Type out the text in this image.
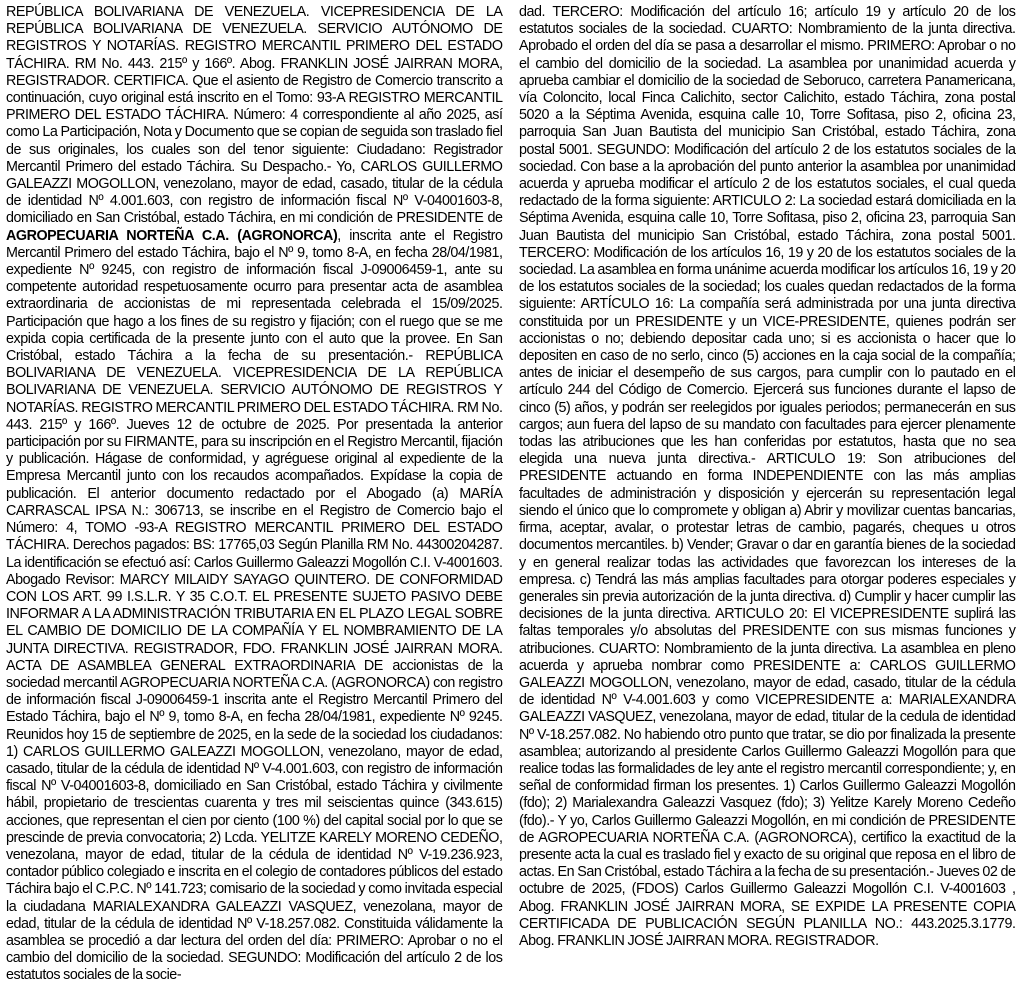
REPÚBLICA BOLIVARIANA DE VENEZUELA. VICEPRESIDENCIA DE LA REPÚBLICA BOLIVARIANA DE VENEZUELA. SERVICIO AUTÓNOMO DE REGISTROS Y NOTARÍAS. REGISTRO MERCANTIL PRIMERO DEL ESTADO TÁCHIRA. RM No. 443. 215º y 166º. Abog. FRANKLIN JOSÉ JAIRRAN MORA, REGISTRADOR. CERTIFICA. Que el asiento de Registro de Comercio transcrito a continuación, cuyo original está inscrito en el Tomo: 93-A REGISTRO MERCANTIL PRIMERO DEL ESTADO TÁCHIRA. Número: 4 correspondiente al año 2025, así como La Participación, Nota y Documento que se copian de seguida son traslado fiel de sus originales, los cuales son del tenor siguiente: Ciudadano: Registrador Mercantil Primero del estado Táchira. Su Despacho.- Yo, CARLOS GUILLERMO GALEAZZI MOGOLLON, venezolano, mayor de edad, casado, titular de la cédula de identidad Nº 4.001.603, con registro de información fiscal Nº V-04001603-8, domiciliado en San Cristóbal, estado Táchira, en mi condición de PRESIDENTE de AGROPECUARIA NORTEÑA C.A. (AGRONORCA), inscrita ante el Registro Mercantil Primero del estado Táchira, bajo el Nº 9, tomo 8-A, en fecha 28/04/1981, expediente Nº 9245, con registro de información fiscal J-09006459-1, ante su competente autoridad respetuosamente ocurro para presentar acta de asamblea extraordinaria de accionistas de mi representada celebrada el 15/09/2025. Participación que hago a los fines de su registro y fijación; con el ruego que se me expida copia certificada de la presente junto con el auto que la provee. En San Cristóbal, estado Táchira a la fecha de su presentación.- REPÚBLICA BOLIVARIANA DE VENEZUELA. VICEPRESIDENCIA DE LA REPÚBLICA BOLIVARIANA DE VENEZUELA. SERVICIO AUTÓNOMO DE REGISTROS Y NOTARÍAS. REGISTRO MERCANTIL PRIMERO DEL ESTADO TÁCHIRA. RM No. 443. 215º y 166º. Jueves 12 de octubre de 2025. Por presentada la anterior participación por su FIRMANTE, para su inscripción en el Registro Mercantil, fijación y publicación. Hágase de conformidad, y agréguese original al expediente de la Empresa Mercantil junto con los recaudos acompañados. Expídase la copia de publicación. El anterior documento redactado por el Abogado (a) MARÍA CARRASCAL IPSA N.: 306713, se inscribe en el Registro de Comercio bajo el Número: 4, TOMO -93-A REGISTRO MERCANTIL PRIMERO DEL ESTADO TÁCHIRA. Derechos pagados: BS: 17765,03 Según Planilla RM No. 44300204287. La identificación se efectuó así: Carlos Guillermo Galeazzi Mogollón C.I. V-4001603. Abogado Revisor: MARCY MILAIDY SAYAGO QUINTERO. DE CONFORMIDAD CON LOS ART. 99 I.S.L.R. Y 35 C.O.T. EL PRESENTE SUJETO PASIVO DEBE INFORMAR A LA ADMINISTRACIÓN TRIBUTARIA EN EL PLAZO LEGAL SOBRE EL CAMBIO DE DOMICILIO DE LA COMPAÑÍA Y EL NOMBRAMIENTO DE LA JUNTA DIRECTIVA. REGISTRADOR, FDO. FRANKLIN JOSÉ JAIRRAN MORA. ACTA DE ASAMBLEA GENERAL EXTRAORDINARIA DE accionistas de la sociedad mercantil AGROPECUARIA NORTEÑA C.A. (AGRONORCA) con registro de información fiscal J-09006459-1 inscrita ante el Registro Mercantil Primero del Estado Táchira, bajo el Nº 9, tomo 8-A, en fecha 28/04/1981, expediente Nº 9245. Reunidos hoy 15 de septiembre de 2025, en la sede de la sociedad los ciudadanos: 1) CARLOS GUILLERMO GALEAZZI MOGOLLON, venezolano, mayor de edad, casado, titular de la cédula de identidad Nº V-4.001.603, con registro de información fiscal Nº V-04001603-8, domiciliado en San Cristóbal, estado Táchira y civilmente hábil, propietario de trescientas cuarenta y tres mil seiscientas quince (343.615) acciones, que representan el cien por ciento (100 %) del capital social por lo que se prescinde de previa convocatoria; 2) Lcda. YELITZE KARELY MORENO CEDEÑO, venezolana, mayor de edad, titular de la cédula de identidad Nº V-19.236.923, contador público colegiado e inscrita en el colegio de contadores públicos del estado Táchira bajo el C.P.C. Nº 141.723; comisario de la sociedad y como invitada especial la ciudadana MARIALEXANDRA GALEAZZI VASQUEZ, venezolana, mayor de edad, titular de la cédula de identidad Nº V-18.257.082. Constituida válidamente la asamblea se procedió a dar lectura del orden del día: PRIMERO: Aprobar o no el cambio del domicilio de la sociedad. SEGUNDO: Modificación del artículo 2 de los estatutos sociales de la socie-

dad. TERCERO: Modificación del artículo 16; artículo 19 y artículo 20 de los estatutos sociales de la sociedad. CUARTO: Nombramiento de la junta directiva. Aprobado el orden del día se pasa a desarrollar el mismo. PRIMERO: Aprobar o no el cambio del domicilio de la sociedad. La asamblea por unanimidad acuerda y aprueba cambiar el domicilio de la sociedad de Seboruco, carretera Panamericana, vía Coloncito, local Finca Calichito, sector Calichito, estado Táchira, zona postal 5020 a la Séptima Avenida, esquina calle 10, Torre Sofitasa, piso 2, oficina 23, parroquia San Juan Bautista del municipio San Cristóbal, estado Táchira, zona postal 5001. SEGUNDO: Modificación del artículo 2 de los estatutos sociales de la sociedad. Con base a la aprobación del punto anterior la asamblea por unanimidad acuerda y aprueba modificar el artículo 2 de los estatutos sociales, el cual queda redactado de la forma siguiente: ARTICULO 2: La sociedad estará domiciliada en la Séptima Avenida, esquina calle 10, Torre Sofitasa, piso 2, oficina 23, parroquia San Juan Bautista del municipio San Cristóbal, estado Táchira, zona postal 5001. TERCERO: Modificación de los artículos 16, 19 y 20 de los estatutos sociales de la sociedad. La asamblea en forma unánime acuerda modificar los artículos 16, 19 y 20 de los estatutos sociales de la sociedad; los cuales quedan redactados de la forma siguiente: ARTÍCULO 16: La compañía será administrada por una junta directiva constituida por un PRESIDENTE y un VICE-PRESIDENTE, quienes podrán ser accionistas o no; debiendo depositar cada uno; si es accionista o hacer que lo depositen en caso de no serlo, cinco (5) acciones en la caja social de la compañía; antes de iniciar el desempeño de sus cargos, para cumplir con lo pautado en el artículo 244 del Código de Comercio. Ejercerá sus funciones durante el lapso de cinco (5) años, y podrán ser reelegidos por iguales periodos; permanecerán en sus cargos; aun fuera del lapso de su mandato con facultades para ejercer plenamente todas las atribuciones que les han conferidas por estatutos, hasta que no sea elegida una nueva junta directiva.- ARTICULO 19: Son atribuciones del PRESIDENTE actuando en forma INDEPENDIENTE con las más amplias facultades de administración y disposición y ejercerán su representación legal siendo el único que lo compromete y obligan a) Abrir y movilizar cuentas bancarias, firma, aceptar, avalar, o protestar letras de cambio, pagarés, cheques u otros documentos mercantiles. b) Vender; Gravar o dar en garantía bienes de la sociedad y en general realizar todas las actividades que favorezcan los intereses de la empresa. c) Tendrá las más amplias facultades para otorgar poderes especiales y generales sin previa autorización de la junta directiva. d) Cumplir y hacer cumplir las decisiones de la junta directiva. ARTICULO 20: El VICEPRESIDENTE suplirá las faltas temporales y/o absolutas del PRESIDENTE con sus mismas funciones y atribuciones. CUARTO: Nombramiento de la junta directiva. La asamblea en pleno acuerda y aprueba nombrar como PRESIDENTE a: CARLOS GUILLERMO GALEAZZI MOGOLLON, venezolano, mayor de edad, casado, titular de la cédula de identidad Nº V-4.001.603 y como VICEPRESIDENTE a: MARIALEXANDRA GALEAZZI VASQUEZ, venezolana, mayor de edad, titular de la cedula de identidad Nº V-18.257.082. No habiendo otro punto que tratar, se dio por finalizada la presente asamblea; autorizando al presidente Carlos Guillermo Galeazzi Mogollón para que realice todas las formalidades de ley ante el registro mercantil correspondiente; y, en señal de conformidad firman los presentes. 1) Carlos Guillermo Galeazzi Mogollón (fdo); 2) Marialexandra Galeazzi Vasquez (fdo); 3) Yelitze Karely Moreno Cedeño (fdo).- Y yo, Carlos Guillermo Galeazzi Mogollón, en mi condición de PRESIDENTE de AGROPECUARIA NORTEÑA C.A. (AGRONORCA), certifico la exactitud de la presente acta la cual es traslado fiel y exacto de su original que reposa en el libro de actas. En San Cristóbal, estado Táchira a la fecha de su presentación.- Jueves 02 de octubre de 2025, (FDOS) Carlos Guillermo Galeazzi Mogollón C.I. V-4001603 , Abog. FRANKLIN JOSÉ JAIRRAN MORA, SE EXPIDE LA PRESENTE COPIA CERTIFICADA DE PUBLICACIÓN SEGÚN PLANILLA NO.: 443.2025.3.1779. Abog. FRANKLIN JOSÉ JAIRRAN MORA. REGISTRADOR.
